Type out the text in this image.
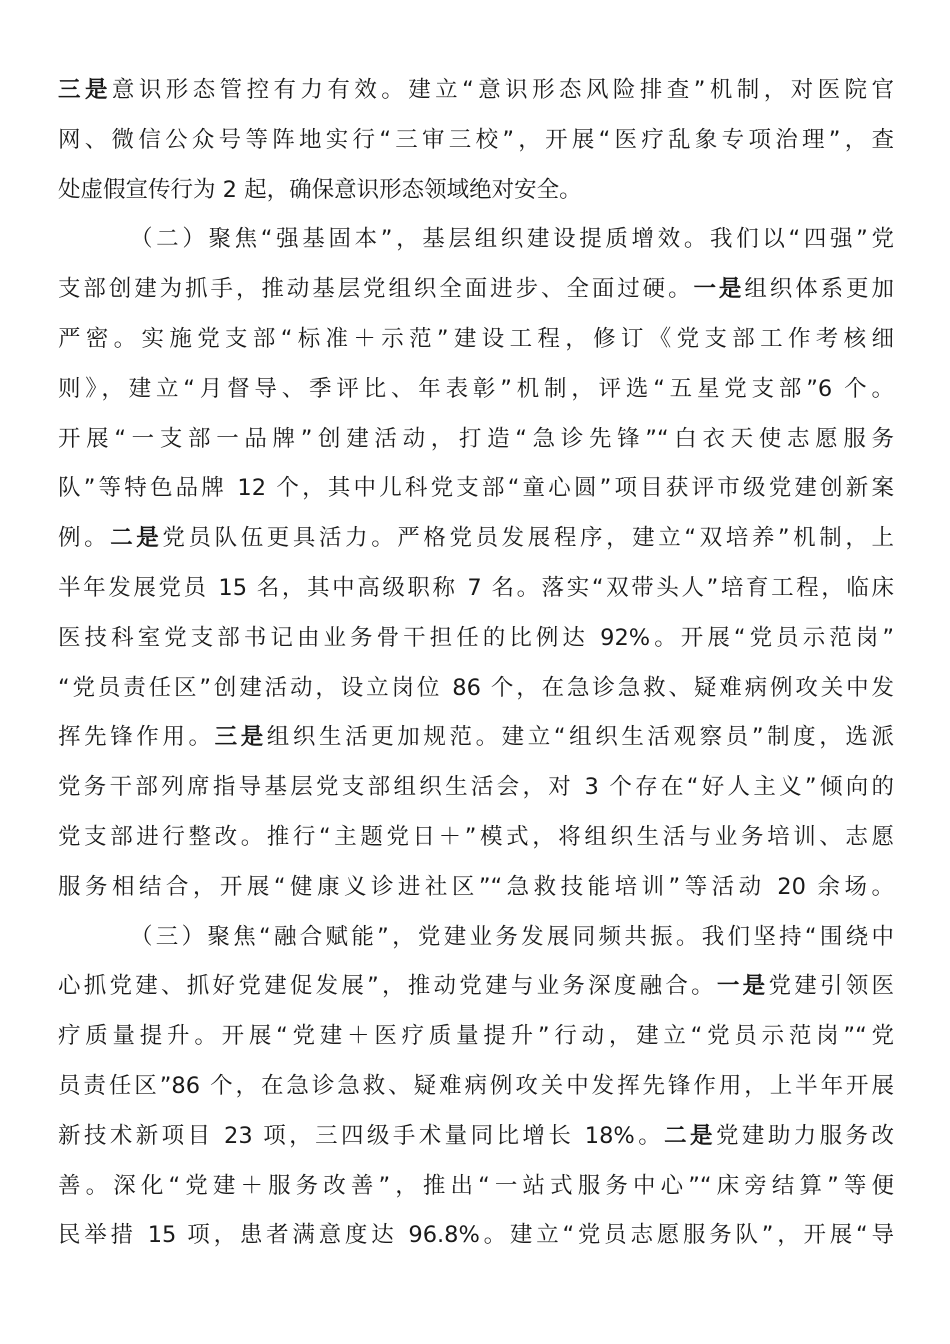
三是意识形态管控有力有效。建立“意识形态风险排查”机制，对医院官
网、微信公众号等阵地实行“三审三校”，开展“医疗乱象专项治理”，查
处虚假宣传行为 2 起，确保意识形态领域绝对安全。
（二）聚焦“强基固本”，基层组织建设提质增效。我们以“四强”党
支部创建为抓手，推动基层党组织全面进步、全面过硬。一是组织体系更加
严密。实施党支部“标准＋示范”建设工程，修订《党支部工作考核细
则》，建立“月督导、季评比、年表彰”机制，评选“五星党支部”6 个。
开展“一支部一品牌”创建活动，打造“急诊先锋”“白衣天使志愿服务
队”等特色品牌 12 个，其中儿科党支部“童心圆”项目获评市级党建创新案
例。二是党员队伍更具活力。严格党员发展程序，建立“双培养”机制，上
半年发展党员 15 名，其中高级职称 7 名。落实“双带头人”培育工程，临床
医技科室党支部书记由业务骨干担任的比例达 92%。开展“党员示范岗”
“党员责任区”创建活动，设立岗位 86 个，在急诊急救、疑难病例攻关中发
挥先锋作用。三是组织生活更加规范。建立“组织生活观察员”制度，选派
党务干部列席指导基层党支部组织生活会，对 3 个存在“好人主义”倾向的
党支部进行整改。推行“主题党日＋”模式，将组织生活与业务培训、志愿
服务相结合，开展“健康义诊进社区”“急救技能培训”等活动 20 余场。
（三）聚焦“融合赋能”，党建业务发展同频共振。我们坚持“围绕中
心抓党建、抓好党建促发展”，推动党建与业务深度融合。一是党建引领医
疗质量提升。开展“党建＋医疗质量提升”行动，建立“党员示范岗”“党
员责任区”86 个，在急诊急救、疑难病例攻关中发挥先锋作用，上半年开展
新技术新项目 23 项，三四级手术量同比增长 18%。二是党建助力服务改
善。深化“党建＋服务改善”，推出“一站式服务中心”“床旁结算”等便
民举措 15 项，患者满意度达 96.8%。建立“党员志愿服务队”，开展“导
